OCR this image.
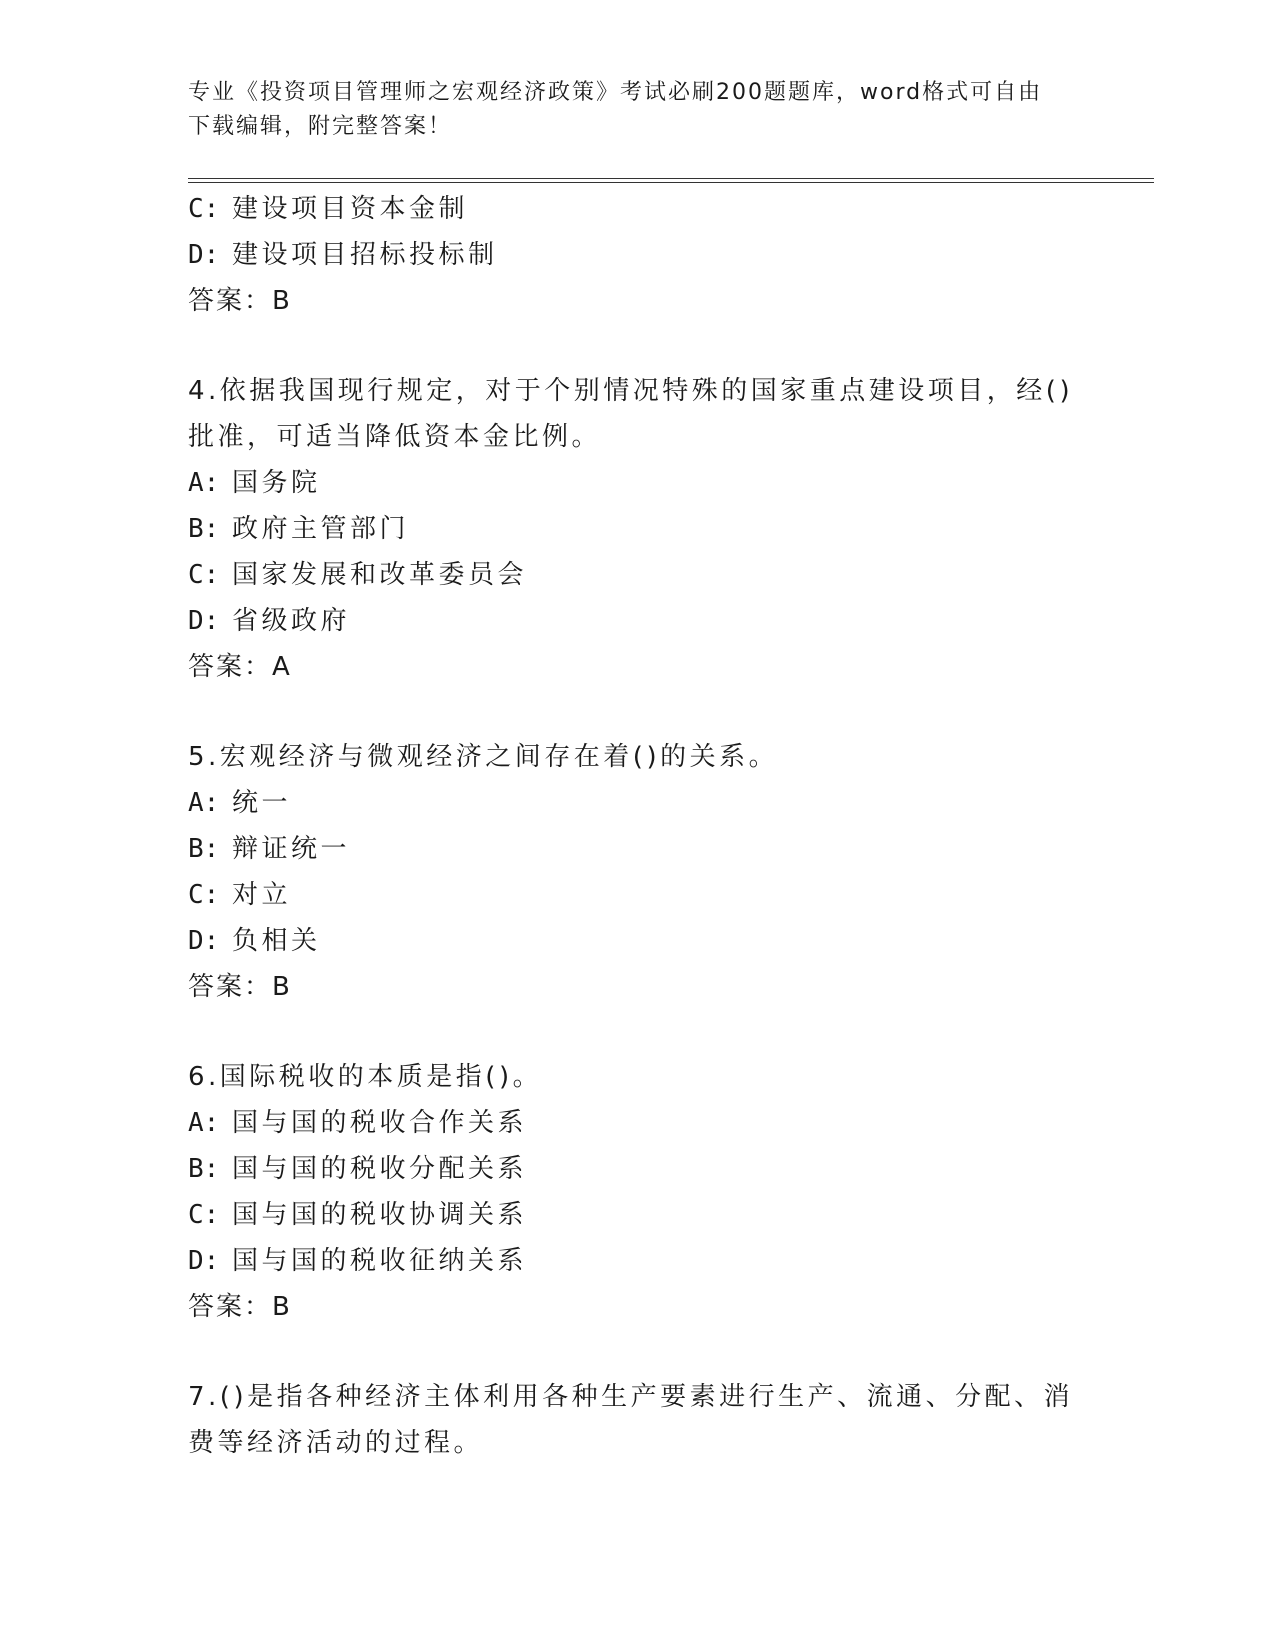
专业《投资项目管理师之宏观经济政策》考试必刷200题题库，word格式可自由
下载编辑，附完整答案！
C: 建设项目资本金制
D: 建设项目招标投标制
答案：B
4.依据我国现行规定，对于个别情况特殊的国家重点建设项目，经()
批准，可适当降低资本金比例。
A: 国务院
B: 政府主管部门
C: 国家发展和改革委员会
D: 省级政府
答案：A
5.宏观经济与微观经济之间存在着()的关系。
A: 统一
B: 辩证统一
C: 对立
D: 负相关
答案：B
6.国际税收的本质是指()。
A: 国与国的税收合作关系
B: 国与国的税收分配关系
C: 国与国的税收协调关系
D: 国与国的税收征纳关系
答案：B
7.()是指各种经济主体利用各种生产要素进行生产、流通、分配、消
费等经济活动的过程。
